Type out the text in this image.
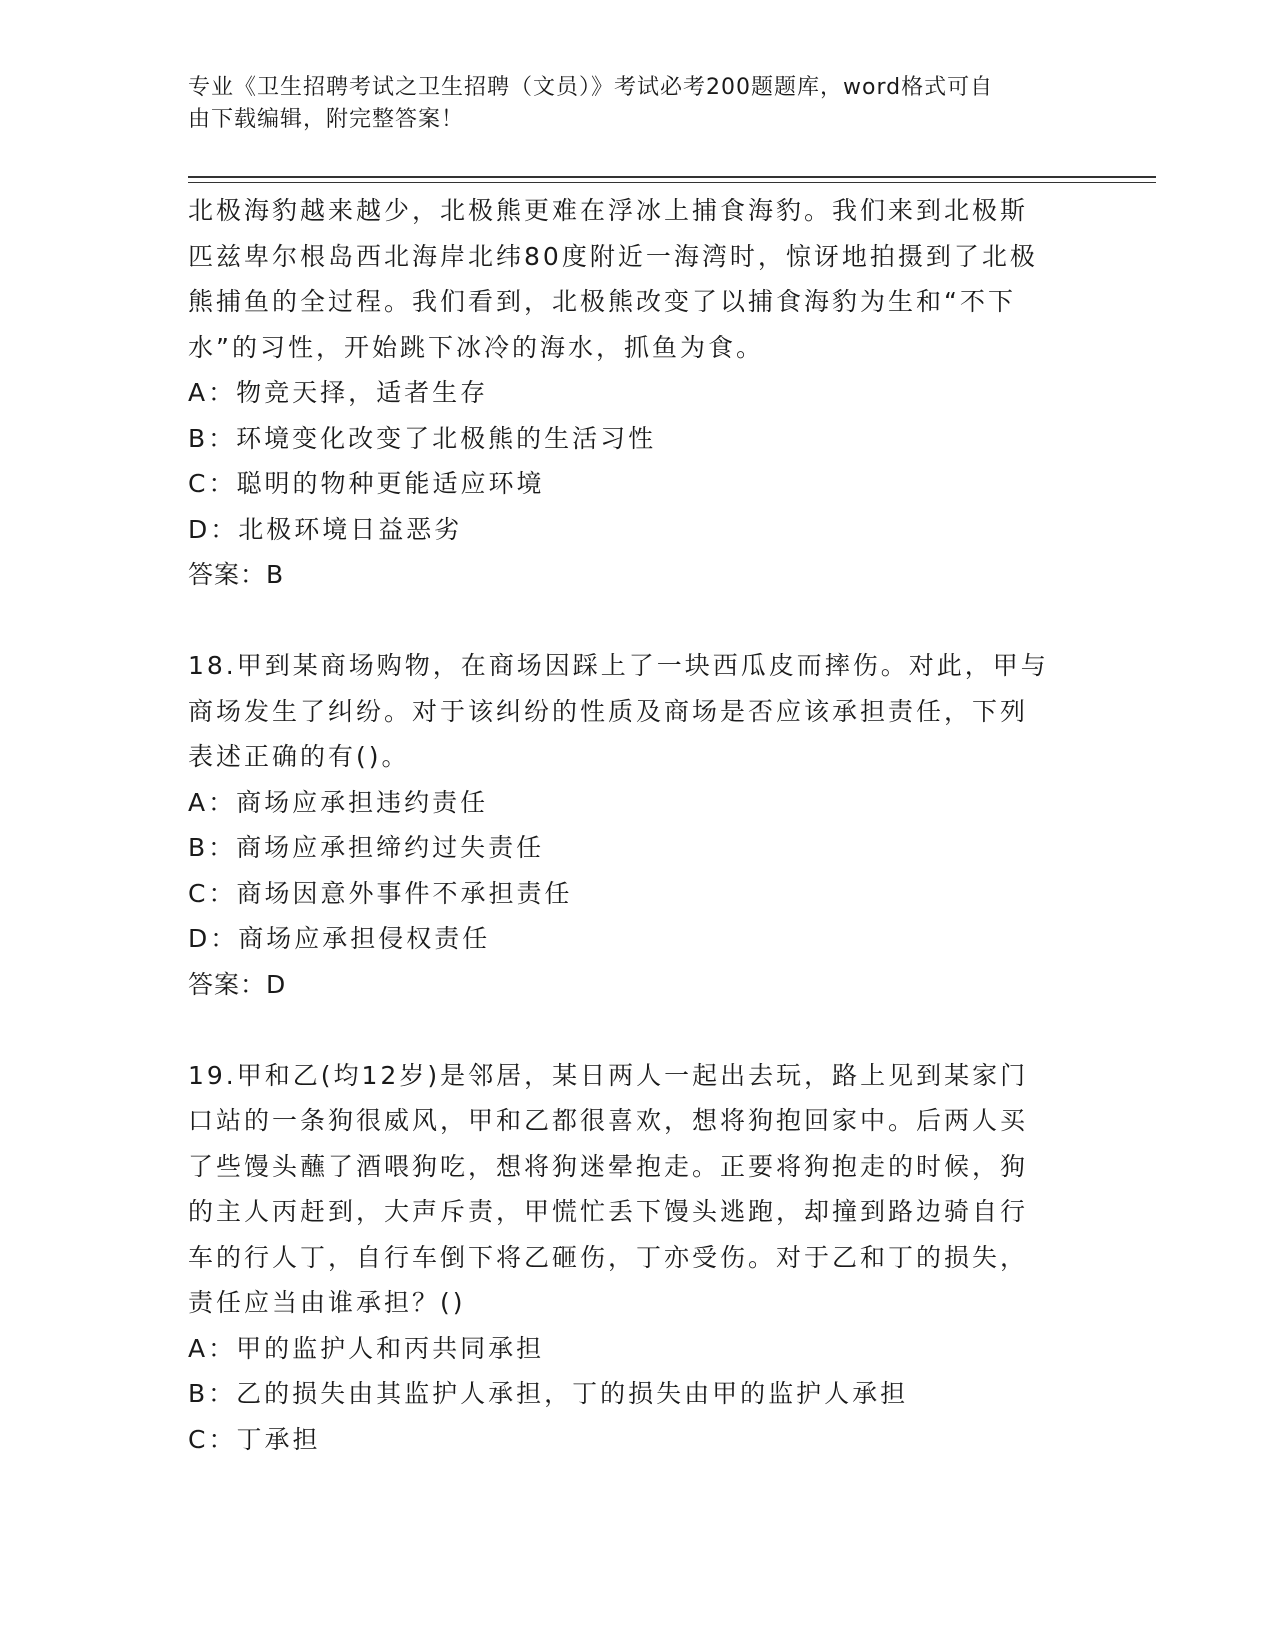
专业《卫生招聘考试之卫生招聘（文员）》考试必考200题题库，word格式可自
由下载编辑，附完整答案！
北极海豹越来越少，北极熊更难在浮冰上捕食海豹。我们来到北极斯
匹兹卑尔根岛西北海岸北纬80度附近一海湾时，惊讶地拍摄到了北极
熊捕鱼的全过程。我们看到，北极熊改变了以捕食海豹为生和“不下
水”的习性，开始跳下冰冷的海水，抓鱼为食。
A：物竞天择，适者生存
B：环境变化改变了北极熊的生活习性
C：聪明的物种更能适应环境
D：北极环境日益恶劣
答案：B
18.甲到某商场购物，在商场因踩上了一块西瓜皮而摔伤。对此，甲与
商场发生了纠纷。对于该纠纷的性质及商场是否应该承担责任，下列
表述正确的有()。
A：商场应承担违约责任
B：商场应承担缔约过失责任
C：商场因意外事件不承担责任
D：商场应承担侵权责任
答案：D
19.甲和乙(均12岁)是邻居，某日两人一起出去玩，路上见到某家门
口站的一条狗很威风，甲和乙都很喜欢，想将狗抱回家中。后两人买
了些馒头蘸了酒喂狗吃，想将狗迷晕抱走。正要将狗抱走的时候，狗
的主人丙赶到，大声斥责，甲慌忙丢下馒头逃跑，却撞到路边骑自行
车的行人丁，自行车倒下将乙砸伤，丁亦受伤。对于乙和丁的损失，
责任应当由谁承担？()
A：甲的监护人和丙共同承担
B：乙的损失由其监护人承担，丁的损失由甲的监护人承担
C：丁承担
